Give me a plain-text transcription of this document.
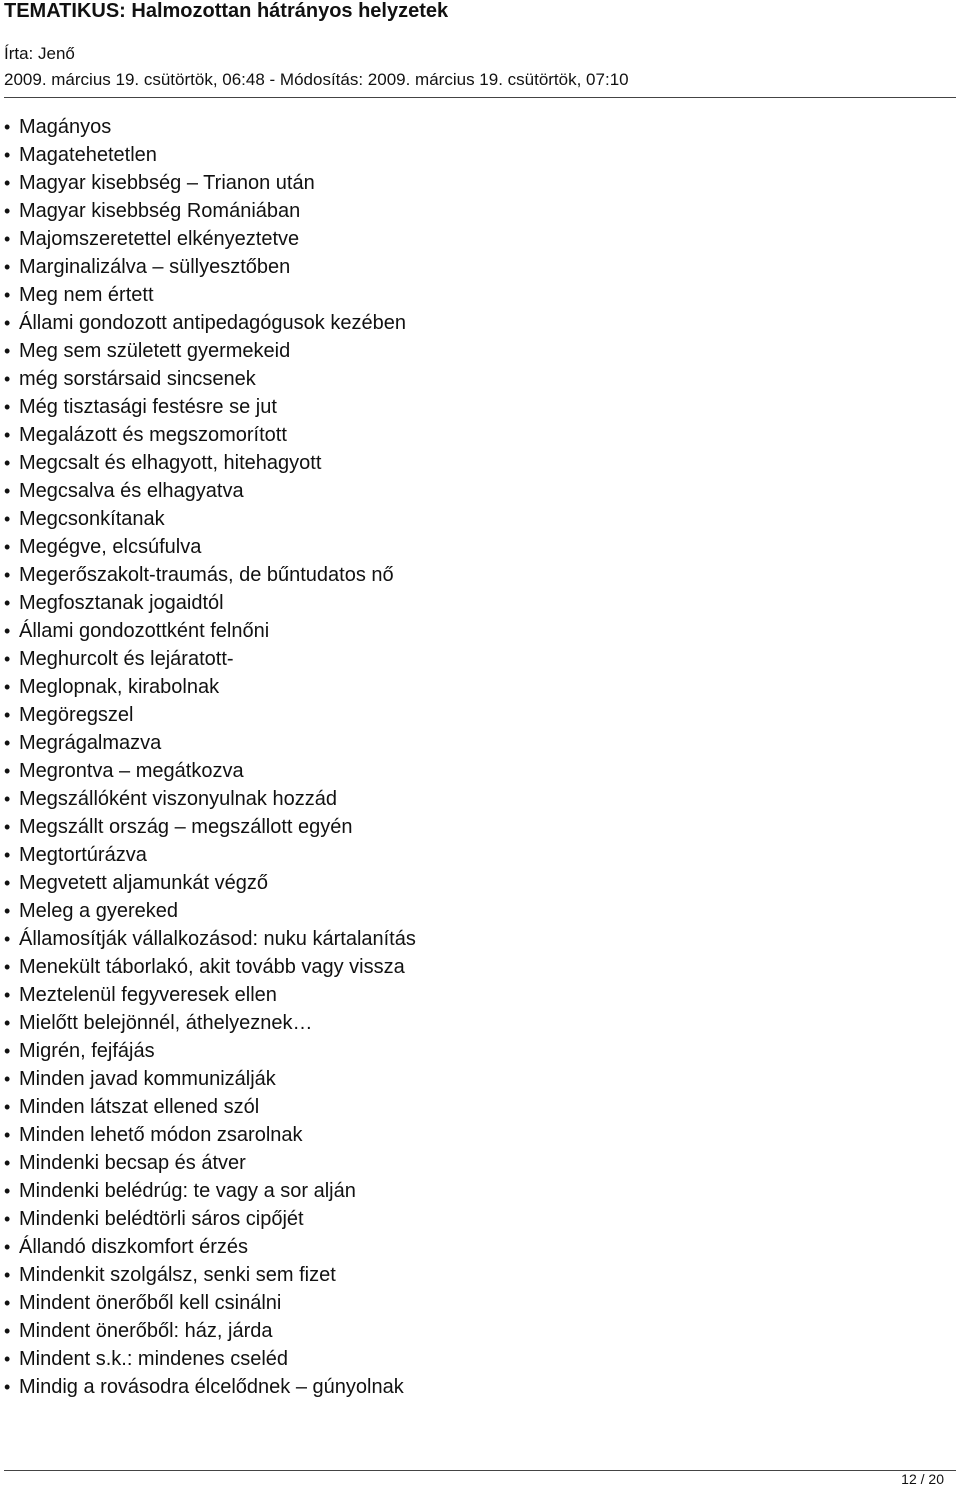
TEMATIKUS: Halmozottan hátrányos helyzetek
Írta: Jenő
2009. március 19. csütörtök, 06:48 - Módosítás: 2009. március 19. csütörtök, 07:10
• Magányos
• Magatehetetlen
• Magyar kisebbség – Trianon után
• Magyar kisebbség Romániában
• Majomszeretettel elkényeztetve
• Marginalizálva – süllyesztőben
• Meg nem értett
• Állami gondozott antipedagógusok kezében
• Meg sem született gyermekeid
• még sorstársaid sincsenek
• Még tisztasági festésre se jut
• Megalázott és megszomorított
• Megcsalt és elhagyott, hitehagyott
• Megcsalva és elhagyatva
• Megcsonkítanak
• Megégve, elcsúfulva
• Megerőszakolt-traumás, de bűntudatos nő
• Megfosztanak jogaidtól
• Állami gondozottként felnőni
• Meghurcolt és lejáratott-
• Meglopnak, kirabolnak
• Megöregszel
• Megrágalmazva
• Megrontva – megátkozva
• Megszállóként viszonyulnak hozzád
• Megszállt ország – megszállott egyén
• Megtortúrázva
• Megvetett aljamunkát végző
• Meleg a gyereked
• Államosítják vállalkozásod: nuku kártalanítás
• Menekült táborlakó, akit tovább vagy vissza
• Meztelenül fegyveresek ellen
• Mielőtt belejönnél, áthelyeznek…
• Migrén, fejfájás
• Minden javad kommunizálják
• Minden látszat ellened szól
• Minden lehető módon zsarolnak
• Mindenki becsap és átver
• Mindenki belédrúg: te vagy a sor alján
• Mindenki belédtörli sáros cipőjét
• Állandó diszkomfort érzés
• Mindenkit szolgálsz, senki sem fizet
• Mindent önerőből kell csinálni
• Mindent önerőből: ház, járda
• Mindent s.k.: mindenes cseléd
• Mindig a rovásodra élcelődnek – gúnyolnak
12 / 20
